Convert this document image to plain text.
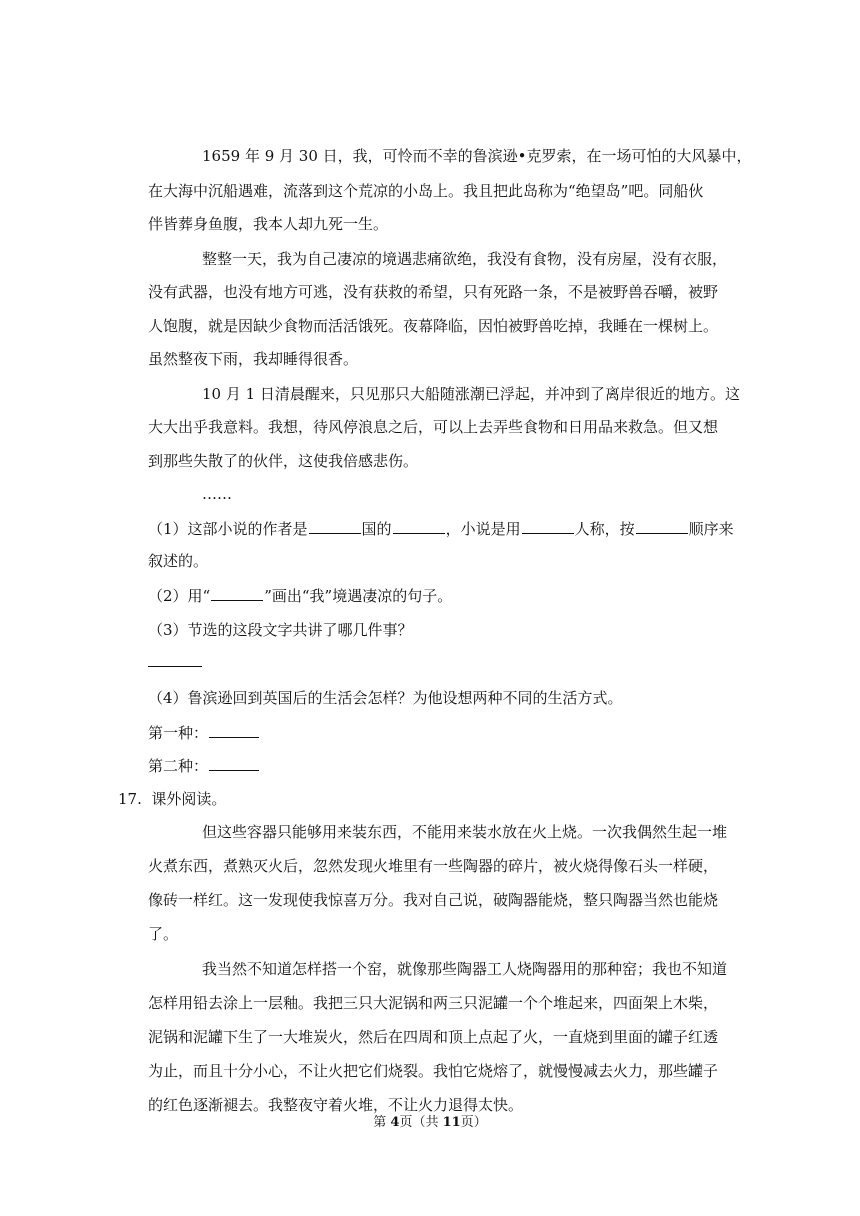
1659 年 9 月 30 日，我，可怜而不幸的鲁滨逊•克罗索，在一场可怕的大风暴中，
在大海中沉船遇难，流落到这个荒凉的小岛上。我且把此岛称为“绝望岛”吧。同船伙
伴皆葬身鱼腹，我本人却九死一生。
整整一天，我为自己凄凉的境遇悲痛欲绝，我没有食物，没有房屋，没有衣服，
没有武器，也没有地方可逃，没有获救的希望，只有死路一条，不是被野兽吞嚼，被野
人饱腹，就是因缺少食物而活活饿死。夜幕降临，因怕被野兽吃掉，我睡在一棵树上。
虽然整夜下雨，我却睡得很香。
10 月 1 日清晨醒来，只见那只大船随涨潮已浮起，并冲到了离岸很近的地方。这
大大出乎我意料。我想，待风停浪息之后，可以上去弄些食物和日用品来救急。但又想
到那些失散了的伙伴，这使我倍感悲伤。
……
（1）这部小说的作者是	国的	，小说是用	人称，按	顺序来
叙述的。
（2）用“	”画出“我”境遇凄凉的句子。
（3）节选的这段文字共讲了哪几件事？
（4）鲁滨逊回到英国后的生活会怎样？为他设想两种不同的生活方式。
第一种：
第二种：
17. 课外阅读。
但这些容器只能够用来装东西，不能用来装水放在火上烧。一次我偶然生起一堆
火煮东西，煮熟灭火后，忽然发现火堆里有一些陶器的碎片，被火烧得像石头一样硬，
像砖一样红。这一发现使我惊喜万分。我对自己说，破陶器能烧，整只陶器当然也能烧
了。
我当然不知道怎样搭一个窑，就像那些陶器工人烧陶器用的那种窑；我也不知道
怎样用铅去涂上一层釉。我把三只大泥锅和两三只泥罐一个个堆起来，四面架上木柴，
泥锅和泥罐下生了一大堆炭火，然后在四周和顶上点起了火，一直烧到里面的罐子红透
为止，而且十分小心，不让火把它们烧裂。我怕它烧熔了，就慢慢减去火力，那些罐子
的红色逐渐褪去。我整夜守着火堆，不让火力退得太快。
第 4页（共 11页）
